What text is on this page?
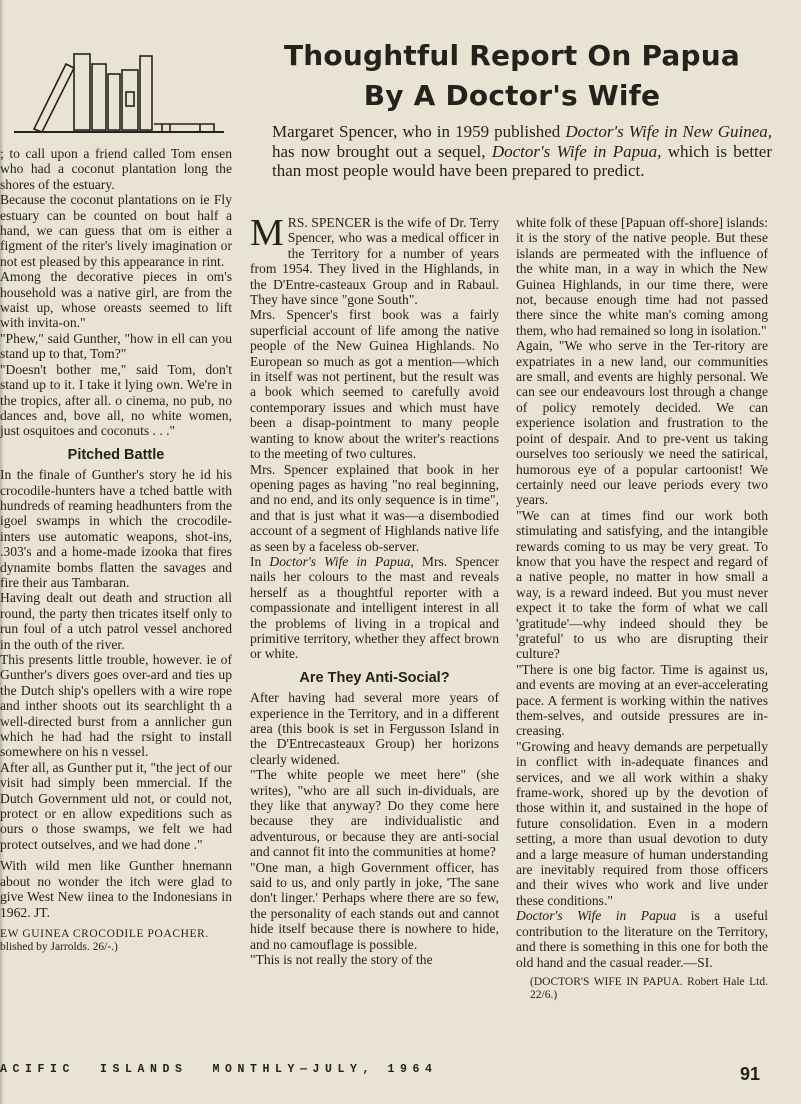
Thoughtful Report On Papua
By A Doctor's Wife
Margaret Spencer, who in 1959 published Doctor's Wife in New Guinea, has now brought out a sequel, Doctor's Wife in Papua, which is better than most people would have been prepared to predict.

; to call upon a friend called Tom ensen who had a coconut plantation long the shores of the estuary.

Because the coconut plantations on ie Fly estuary can be counted on bout half a hand, we can guess that om is either a figment of the riter's lively imagination or not est pleased by this appearance in rint.

Among the decorative pieces in om's household was a native girl, are from the waist up, whose oreasts seemed to lift with invita-on."

"Phew," said Gunther, "how in ell can you stand up to that, Tom?"

"Doesn't bother me," said Tom, don't stand up to it. I take it lying own. We're in the tropics, after all. o cinema, no pub, no dances and, bove all, no white women, just osquitoes and coconuts . . ."

Pitched Battle

In the finale of Gunther's story he id his crocodile-hunters have a tched battle with hundreds of reaming headhunters from the igoel swamps in which the crocodile-inters use automatic weapons, shot-ins, .303's and a home-made izooka that fires dynamite bombs flatten the savages and fire their aus Tambaran.

Having dealt out death and struction all round, the party then tricates itself only to run foul of a utch patrol vessel anchored in the outh of the river.

This presents little trouble, however. ie of Gunther's divers goes over-ard and ties up the Dutch ship's opellers with a wire rope and inther shoots out its searchlight th a well-directed burst from a annlicher gun which he had had the rsight to install somewhere on his n vessel.

After all, as Gunther put it, "the ject of our visit had simply been mmercial. If the Dutch Government uld not, or could not, protect or en allow expeditions such as ours o those swamps, we felt we had protect outselves, and we had done ."

With wild men like Gunther hnemann about no wonder the itch were glad to give West New iinea to the Indonesians in 1962. JT.

EW GUINEA CROCODILE POACHER.

blished by Jarrolds. 26/-.)

MRS. SPENCER is the wife of Dr. Terry Spencer, who was a medical officer in the Territory for a number of years from 1954. They lived in the Highlands, in the D'Entre-casteaux Group and in Rabaul. They have since "gone South".

Mrs. Spencer's first book was a fairly superficial account of life among the native people of the New Guinea Highlands. No European so much as got a mention—which in itself was not pertinent, but the result was a book which seemed to carefully avoid contemporary issues and which must have been a disap-pointment to many people wanting to know about the writer's reactions to the meeting of two cultures.

Mrs. Spencer explained that book in her opening pages as having "no real beginning, and no end, and its only sequence is in time", and that is just what it was—a disembodied account of a segment of Highlands native life as seen by a faceless ob-server.

In Doctor's Wife in Papua, Mrs. Spencer nails her colours to the mast and reveals herself as a thoughtful reporter with a compassionate and intelligent interest in all the problems of living in a tropical and primitive territory, whether they affect brown or white.

Are They Anti-Social?

After having had several more years of experience in the Territory, and in a different area (this book is set in Fergusson Island in the D'Entrecasteaux Group) her horizons clearly widened.

"The white people we meet here" (she writes), "who are all such in-dividuals, are they like that anyway? Do they come here because they are individualistic and adventurous, or because they are anti-social and cannot fit into the communities at home?

"One man, a high Government officer, has said to us, and only partly in joke, 'The sane don't linger.' Perhaps where there are so few, the personality of each stands out and cannot hide itself because there is nowhere to hide, and no camouflage is possible.

"This is not really the story of the

white folk of these [Papuan off-shore] islands: it is the story of the native people. But these islands are permeated with the influence of the white man, in a way in which the New Guinea Highlands, in our time there, were not, because enough time had not passed there since the white man's coming among them, who had remained so long in isolation."

Again, "We who serve in the Ter-ritory are expatriates in a new land, our communities are small, and events are highly personal. We can see our endeavours lost through a change of policy remotely decided. We can experience isolation and frustration to the point of despair. And to pre-vent us taking ourselves too seriously we need the satirical, humorous eye of a popular cartoonist! We certainly need our leave periods every two years.

"We can at times find our work both stimulating and satisfying, and the intangible rewards coming to us may be very great. To know that you have the respect and regard of a native people, no matter in how small a way, is a reward indeed. But you must never expect it to take the form of what we call 'gratitude'—why indeed should they be 'grateful' to us who are disrupting their culture?

"There is one big factor. Time is against us, and events are moving at an ever-accelerating pace. A ferment is working within the natives them-selves, and outside pressures are in-creasing.

"Growing and heavy demands are perpetually in conflict with in-adequate finances and services, and we all work within a shaky frame-work, shored up by the devotion of those within it, and sustained in the hope of future consolidation. Even in a modern setting, a more than usual devotion to duty and a large measure of human understanding are inevitably required from those officers and their wives who work and live under these conditions."

Doctor's Wife in Papua is a useful contribution to the literature on the Territory, and there is something in this one for both the old hand and the casual reader.—SI.

(DOCTOR'S WIFE IN PAPUA. Robert Hale Ltd. 22/6.)

ACIFIC  ISLANDS  MONTHLY—JULY, 1964	91
